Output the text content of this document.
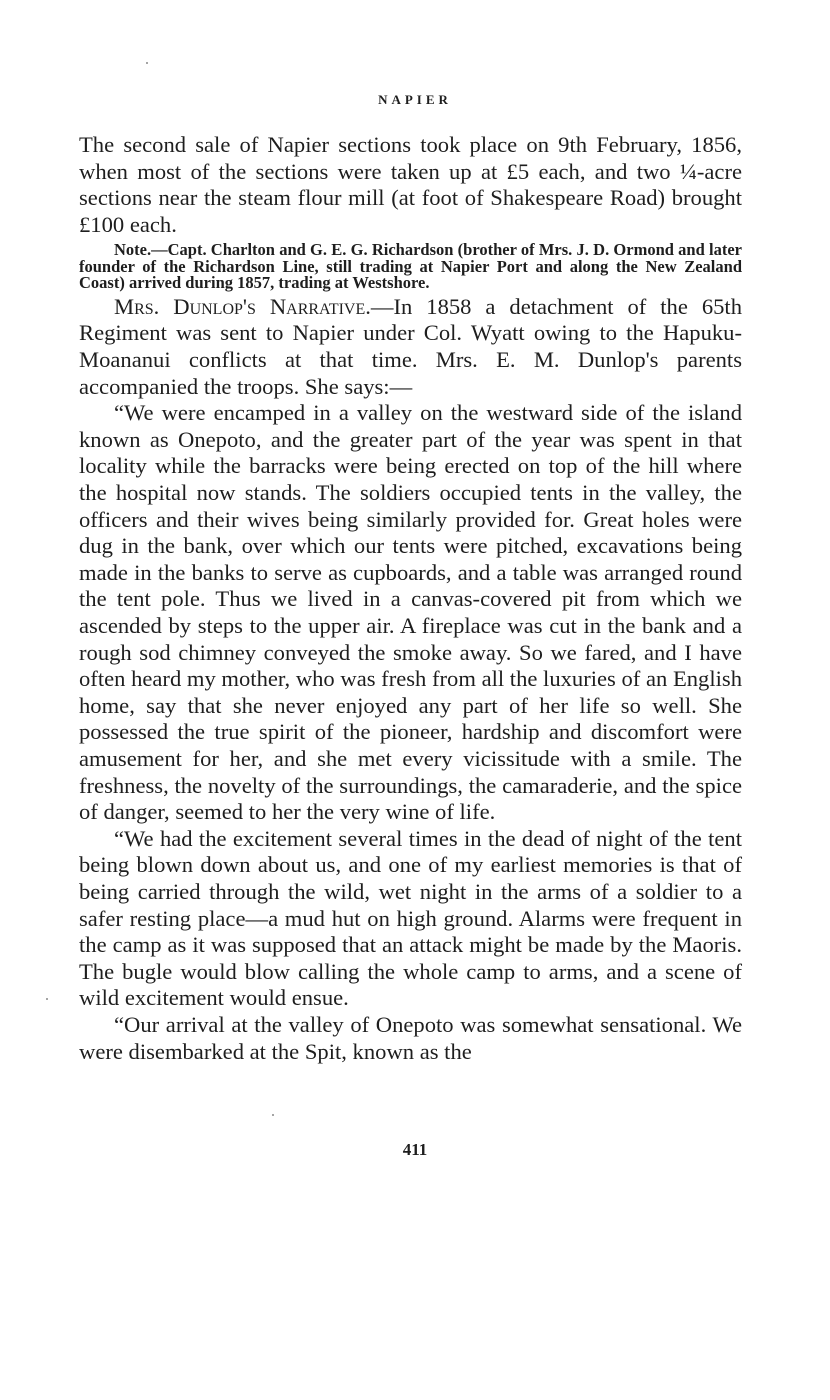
NAPIER

The second sale of Napier sections took place on 9th February, 1856, when most of the sections were taken up at £5 each, and two ¼-acre sections near the steam flour mill (at foot of Shakespeare Road) brought £100 each.

Note.—Capt. Charlton and G. E. G. Richardson (brother of Mrs. J. D. Ormond and later founder of the Richardson Line, still trading at Napier Port and along the New Zealand Coast) arrived during 1857, trading at Westshore.

Mrs. Dunlop's Narrative.—In 1858 a detachment of the 65th Regiment was sent to Napier under Col. Wyatt owing to the Hapuku-Moananui conflicts at that time. Mrs. E. M. Dunlop's parents accompanied the troops. She says:—

“We were encamped in a valley on the westward side of the island known as Onepoto, and the greater part of the year was spent in that locality while the barracks were being erected on top of the hill where the hospital now stands. The soldiers occupied tents in the valley, the officers and their wives being similarly provided for. Great holes were dug in the bank, over which our tents were pitched, excavations being made in the banks to serve as cupboards, and a table was arranged round the tent pole. Thus we lived in a canvas-covered pit from which we ascended by steps to the upper air. A fireplace was cut in the bank and a rough sod chimney conveyed the smoke away. So we fared, and I have often heard my mother, who was fresh from all the luxuries of an English home, say that she never enjoyed any part of her life so well. She possessed the true spirit of the pioneer, hardship and discomfort were amusement for her, and she met every vicissitude with a smile. The freshness, the novelty of the surroundings, the camaraderie, and the spice of danger, seemed to her the very wine of life.

“We had the excitement several times in the dead of night of the tent being blown down about us, and one of my earliest memories is that of being carried through the wild, wet night in the arms of a soldier to a safer resting place—a mud hut on high ground. Alarms were frequent in the camp as it was supposed that an attack might be made by the Maoris. The bugle would blow calling the whole camp to arms, and a scene of wild excitement would ensue.

“Our arrival at the valley of Onepoto was somewhat sensational. We were disembarked at the Spit, known as the

411
